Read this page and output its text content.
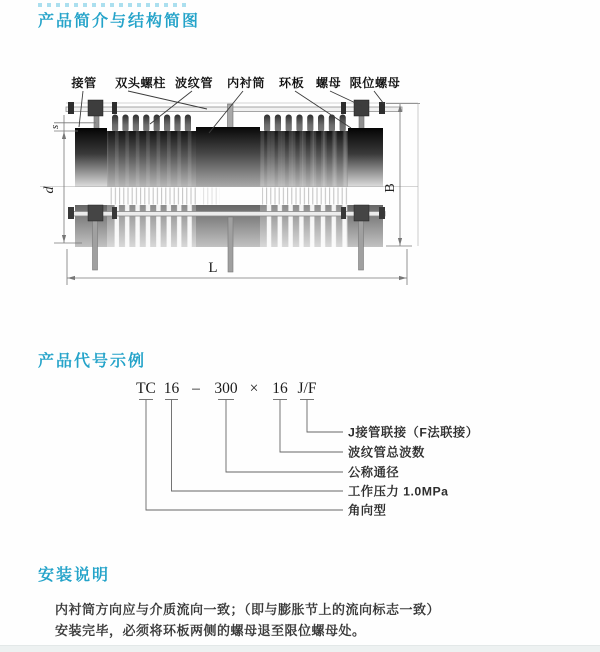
产品简介与结构简图
s
d	B
L
接管 双头螺柱 波纹管 内衬筒 环板 螺母 限位螺母
产品代号示例
TC 16 – 300 × 16 J/F
J接管联接（F法联接）
波纹管总波数
公称通径
工作压力 1.0MPa
角向型
安装说明
内衬筒方向应与介质流向一致；（即与膨胀节上的流向标志一致）
安装完毕，必须将环板两侧的螺母退至限位螺母处。
